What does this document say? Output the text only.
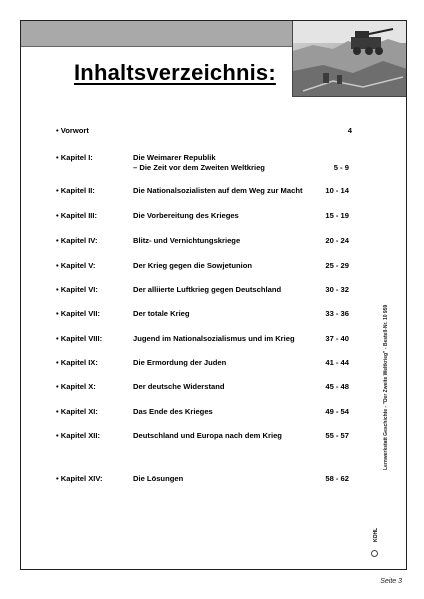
Inhaltsverzeichnis:
• Vorwort	4
• Kapitel I:	Die Weimarer Republik
– Die Zeit vor dem Zweiten Weltkrieg	5 - 9
• Kapitel II:	Die Nationalsozialisten auf dem Weg zur Macht	10 - 14
• Kapitel III:	Die Vorbereitung des Krieges	15 - 19
• Kapitel IV:	Blitz- und Vernichtungskriege	20 - 24
• Kapitel V:	Der Krieg gegen die Sowjetunion	25 - 29
• Kapitel VI:	Der alliierte Luftkrieg gegen Deutschland	30 - 32
• Kapitel VII:	Der totale Krieg	33 - 36
• Kapitel VIII:	Jugend im Nationalsozialismus und im Krieg	37 - 40
• Kapitel IX:	Die Ermordung der Juden	41 - 44
• Kapitel X:	Der deutsche Widerstand	45 - 48
• Kapitel XI:	Das Ende des Krieges	49 - 54
• Kapitel XII:	Deutschland und Europa nach dem Krieg	55 - 57
• Kapitel XIV:	Die Lösungen	58 - 62
Lernwerkstatt Geschichte - "Der Zweite Weltkrieg" - Bestell-Nr. 10 959
KOHL
Seite 3
